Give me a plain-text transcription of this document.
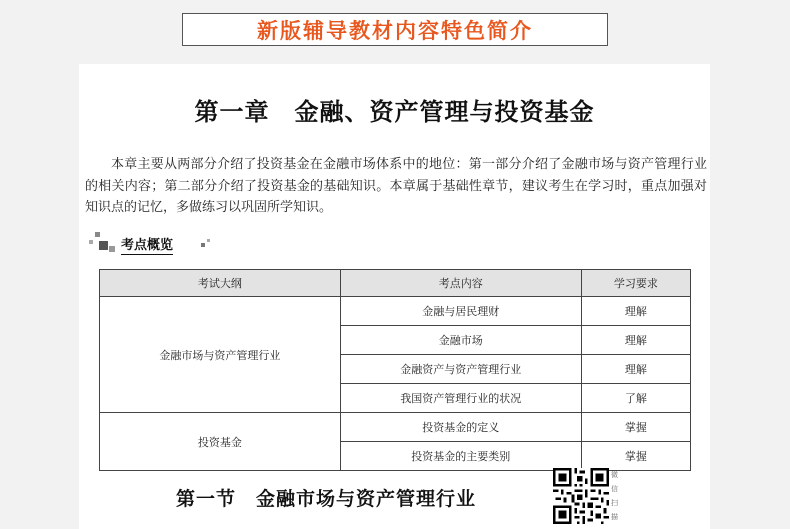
新版辅导教材内容特色简介
第一章　金融、资产管理与投资基金
本章主要从两部分介绍了投资基金在金融市场体系中的地位：第一部分介绍了金融市场与资产管理行业的相关内容；第二部分介绍了投资基金的基础知识。本章属于基础性章节，建议考生在学习时，重点加强对知识点的记忆，多做练习以巩固所学知识。
考点概览
考试大纲	考点内容	学习要求
金融市场与资产管理行业	金融与居民理财	理解
	金融市场	理解
	金融资产与资产管理行业	理解
	我国资产管理行业的状况	了解
投资基金	投资基金的定义	掌握
	投资基金的主要类别	掌握
第一节　金融市场与资产管理行业
微
信
扫
描
